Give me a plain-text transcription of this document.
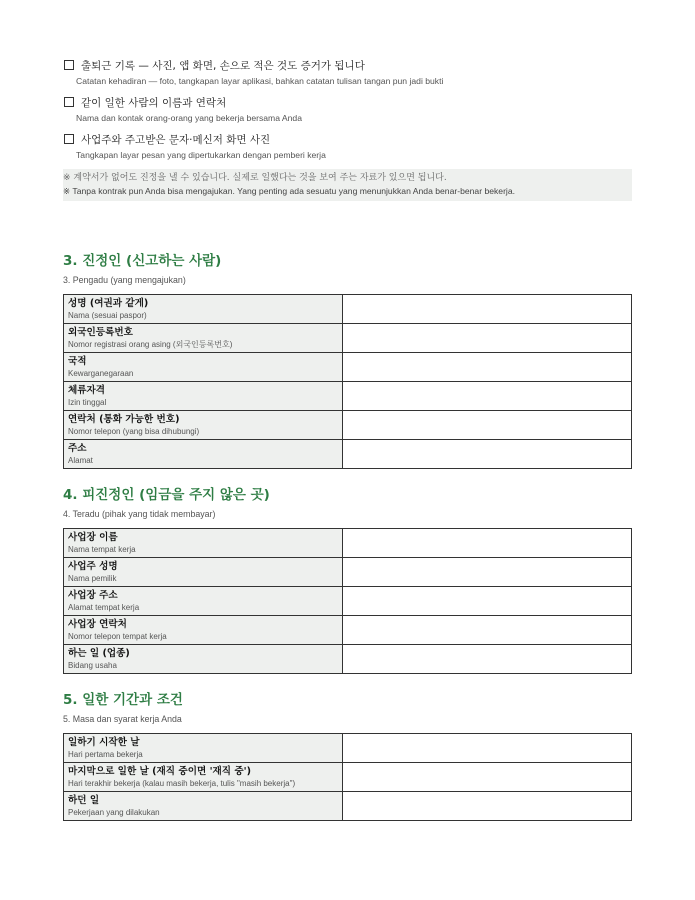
출퇴근 기록 — 사진, 앱 화면, 손으로 적은 것도 증거가 됩니다
Catatan kehadiran — foto, tangkapan layar aplikasi, bahkan catatan tulisan tangan pun jadi bukti
같이 일한 사람의 이름과 연락처
Nama dan kontak orang-orang yang bekerja bersama Anda
사업주와 주고받은 문자·메신저 화면 사진
Tangkapan layar pesan yang dipertukarkan dengan pemberi kerja
※ 계약서가 없어도 진정을 낼 수 있습니다. 실제로 일했다는 것을 보여 주는 자료가 있으면 됩니다.
※ Tanpa kontrak pun Anda bisa mengajukan. Yang penting ada sesuatu yang menunjukkan Anda benar-benar bekerja.
3. 진정인 (신고하는 사람)
3. Pengadu (yang mengajukan)
성명 (여권과 같게)
Nama (sesuai paspor)	

외국인등록번호
Nomor registrasi orang asing (외국인등록번호)	

국적
Kewarganegaraan	

체류자격
Izin tinggal	

연락처 (통화 가능한 번호)
Nomor telepon (yang bisa dihubungi)	

주소
Alamat	

4. 피진정인 (임금을 주지 않은 곳)
4. Teradu (pihak yang tidak membayar)
사업장 이름
Nama tempat kerja	

사업주 성명
Nama pemilik	

사업장 주소
Alamat tempat kerja	

사업장 연락처
Nomor telepon tempat kerja	

하는 일 (업종)
Bidang usaha	

5. 일한 기간과 조건
5. Masa dan syarat kerja Anda
일하기 시작한 날
Hari pertama bekerja	

마지막으로 일한 날 (재직 중이면 '재직 중')
Hari terakhir bekerja (kalau masih bekerja, tulis "masih bekerja")	

하던 일
Pekerjaan yang dilakukan	
